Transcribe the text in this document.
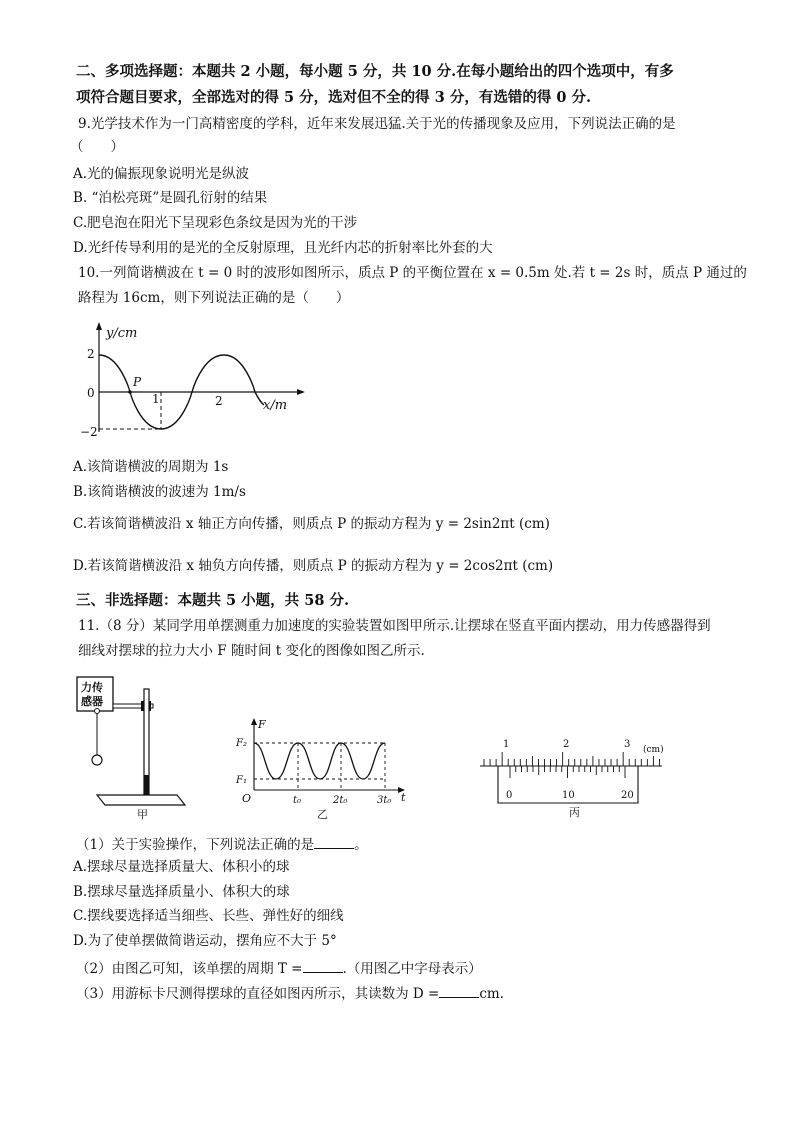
二、多项选择题：本题共 2 小题，每小题 5 分，共 10 分.在每小题给出的四个选项中，有多
项符合题目要求，全部选对的得 5 分，选对但不全的得 3 分，有选错的得 0 分.
9.光学技术作为一门高精密度的学科，近年来发展迅猛.关于光的传播现象及应用，下列说法正确的是
（　　）
A.光的偏振现象说明光是纵波
B. “泊松亮斑”是圆孔衍射的结果
C.肥皂泡在阳光下呈现彩色条纹是因为光的干涉
D.光纤传导利用的是光的全反射原理，且光纤内芯的折射率比外套的大
10.一列简谐横波在 t = 0 时的波形如图所示，质点 P 的平衡位置在 x = 0.5m 处.若 t = 2s 时，质点 P 通过的
路程为 16cm，则下列说法正确的是（　　）
y/cm
x/m
0
2
−2
1	2
P
A.该简谐横波的周期为 1s
B.该简谐横波的波速为 1m/s
C.若该简谐横波沿 x 轴正方向传播，则质点 P 的振动方程为 y = 2sin2πt (cm)
D.若该简谐横波沿 x 轴负方向传播，则质点 P 的振动方程为 y = 2cos2πt (cm)
三、非选择题：本题共 5 小题，共 58 分.
11.（8 分）某同学用单摆测重力加速度的实验装置如图甲所示.让摆球在竖直平面内摆动，用力传感器得到
细线对摆球的拉力大小 F 随时间 t 变化的图像如图乙所示.
力传
感器
甲
F
t
O
F₂
F₁
t₀	2t₀	3t₀
乙
1	2	3 (cm)
0	10	20
丙
（1）关于实验操作，下列说法正确的是	。
A.摆球尽量选择质量大、体积小的球
B.摆球尽量选择质量小、体积大的球
C.摆线要选择适当细些、长些、弹性好的细线
D.为了使单摆做简谐运动，摆角应不大于 5°
（2）由图乙可知，该单摆的周期 T =	.（用图乙中字母表示）
（3）用游标卡尺测得摆球的直径如图丙所示，其读数为 D =	cm.
